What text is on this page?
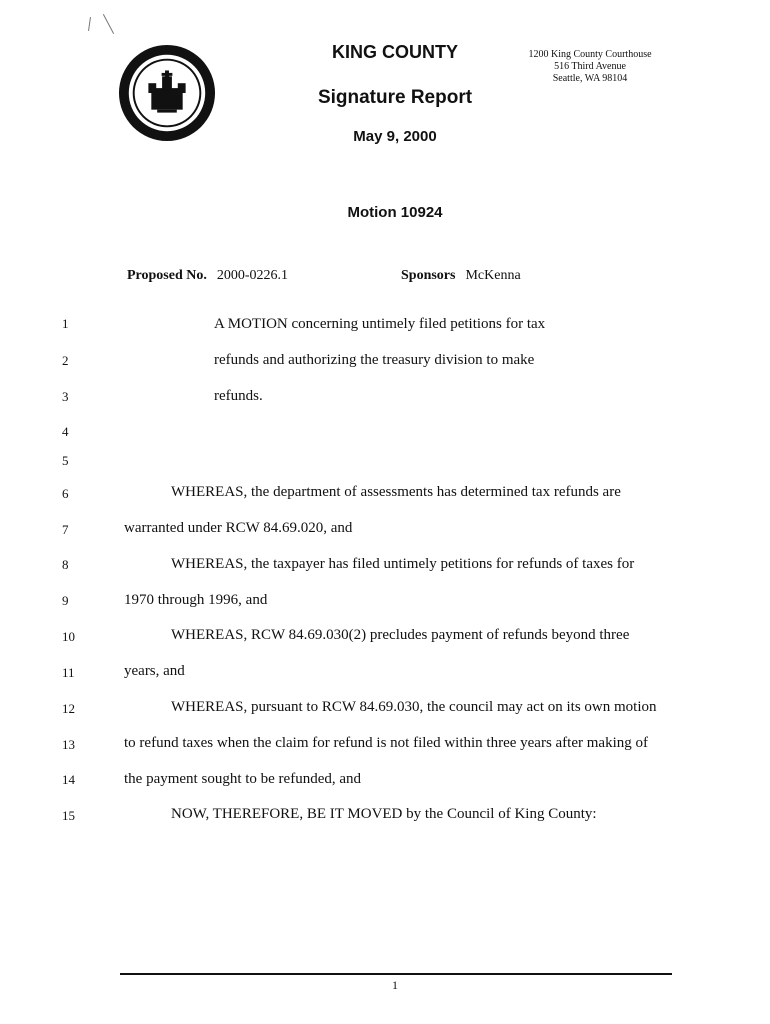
KING COUNTY
Signature Report
May 9, 2000
1200 King County Courthouse
516 Third Avenue
Seattle, WA 98104
Motion 10924
Proposed No. 2000-0226.1	Sponsors McKenna
1
2
3
4
5
6
7
8
9
10
11
12
13
14
15
A MOTION concerning untimely filed petitions for tax
refunds and authorizing the treasury division to make
refunds.
WHEREAS, the department of assessments has determined tax refunds are
warranted under RCW 84.69.020, and
WHEREAS, the taxpayer has filed untimely petitions for refunds of taxes for
1970 through 1996, and
WHEREAS, RCW 84.69.030(2) precludes payment of refunds beyond three
years, and
WHEREAS, pursuant to RCW 84.69.030, the council may act on its own motion
to refund taxes when the claim for refund is not filed within three years after making of
the payment sought to be refunded, and
NOW, THEREFORE, BE IT MOVED by the Council of King County:
1
